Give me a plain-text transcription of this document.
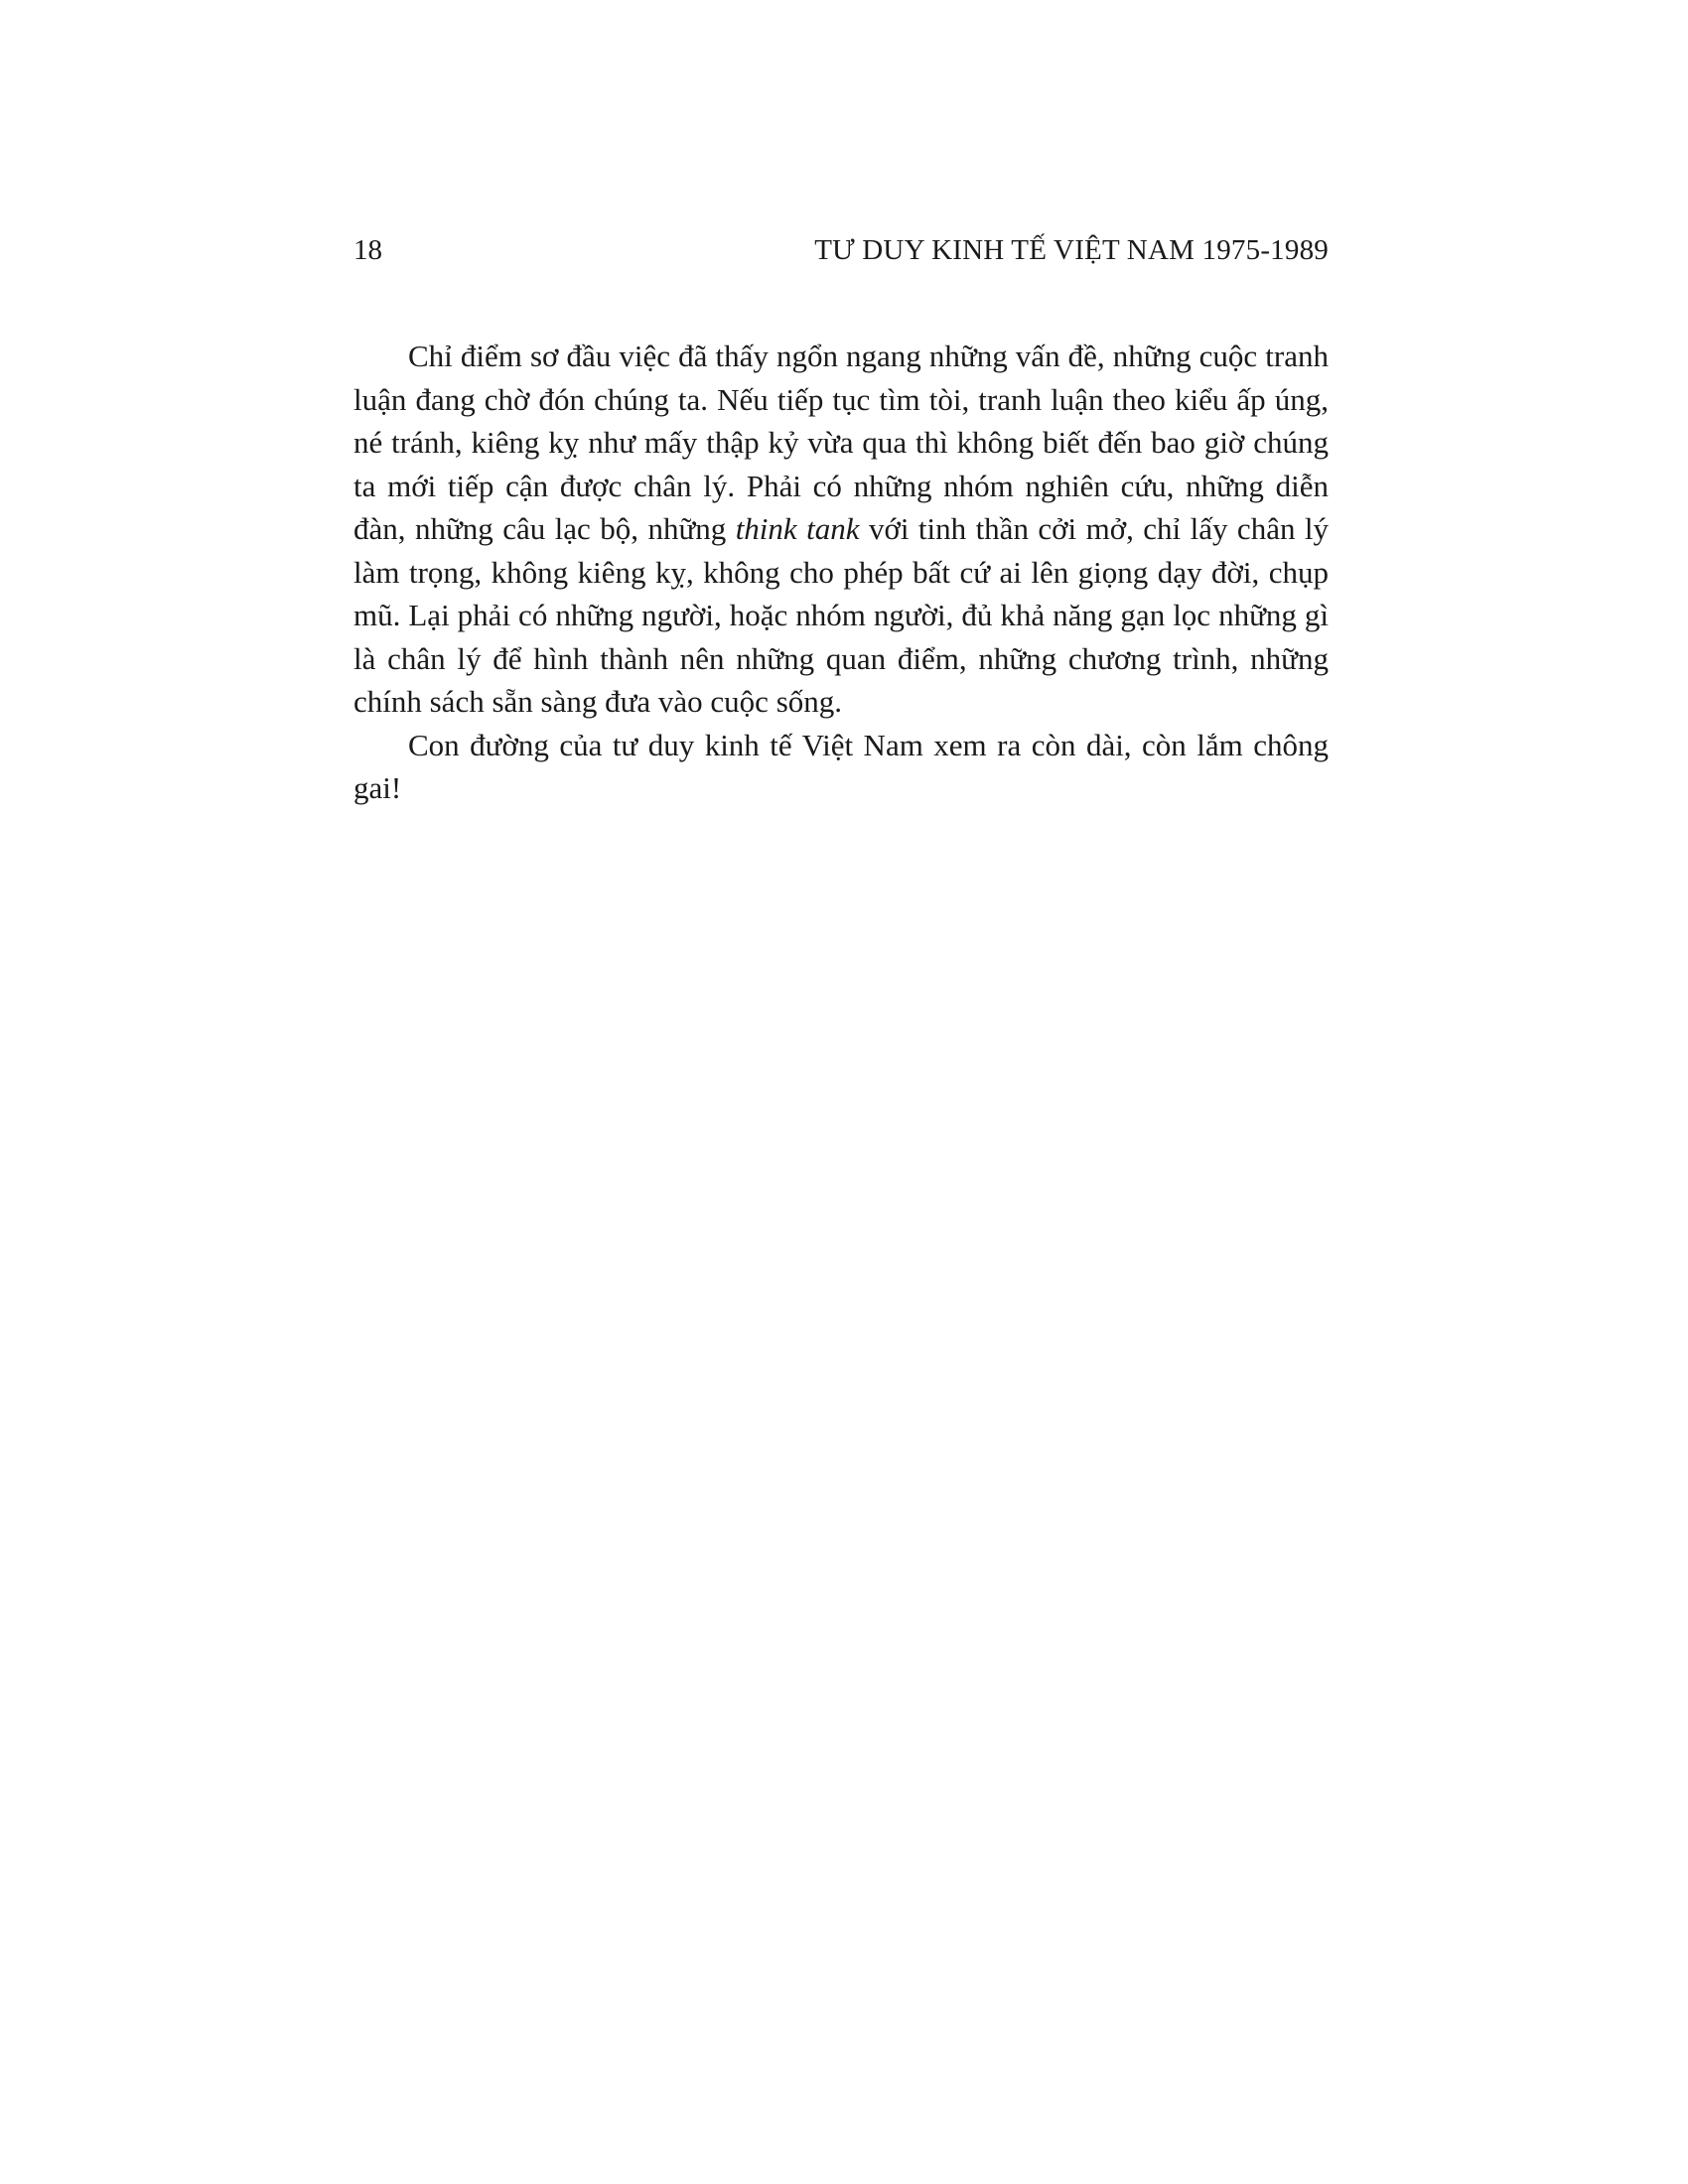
18	TƯ DUY KINH TẾ VIỆT NAM 1975-1989

Chỉ điểm sơ đầu việc đã thấy ngổn ngang những vấn đề, những cuộc tranh luận đang chờ đón chúng ta. Nếu tiếp tục tìm tòi, tranh luận theo kiểu ấp úng, né tránh, kiêng kỵ như mấy thập kỷ vừa qua thì không biết đến bao giờ chúng ta mới tiếp cận được chân lý. Phải có những nhóm nghiên cứu, những diễn đàn, những câu lạc bộ, những think tank với tinh thần cởi mở, chỉ lấy chân lý làm trọng, không kiêng kỵ, không cho phép bất cứ ai lên giọng dạy đời, chụp mũ. Lại phải có những người, hoặc nhóm người, đủ khả năng gạn lọc những gì là chân lý để hình thành nên những quan điểm, những chương trình, những chính sách sẵn sàng đưa vào cuộc sống.

Con đường của tư duy kinh tế Việt Nam xem ra còn dài, còn lắm chông gai!
